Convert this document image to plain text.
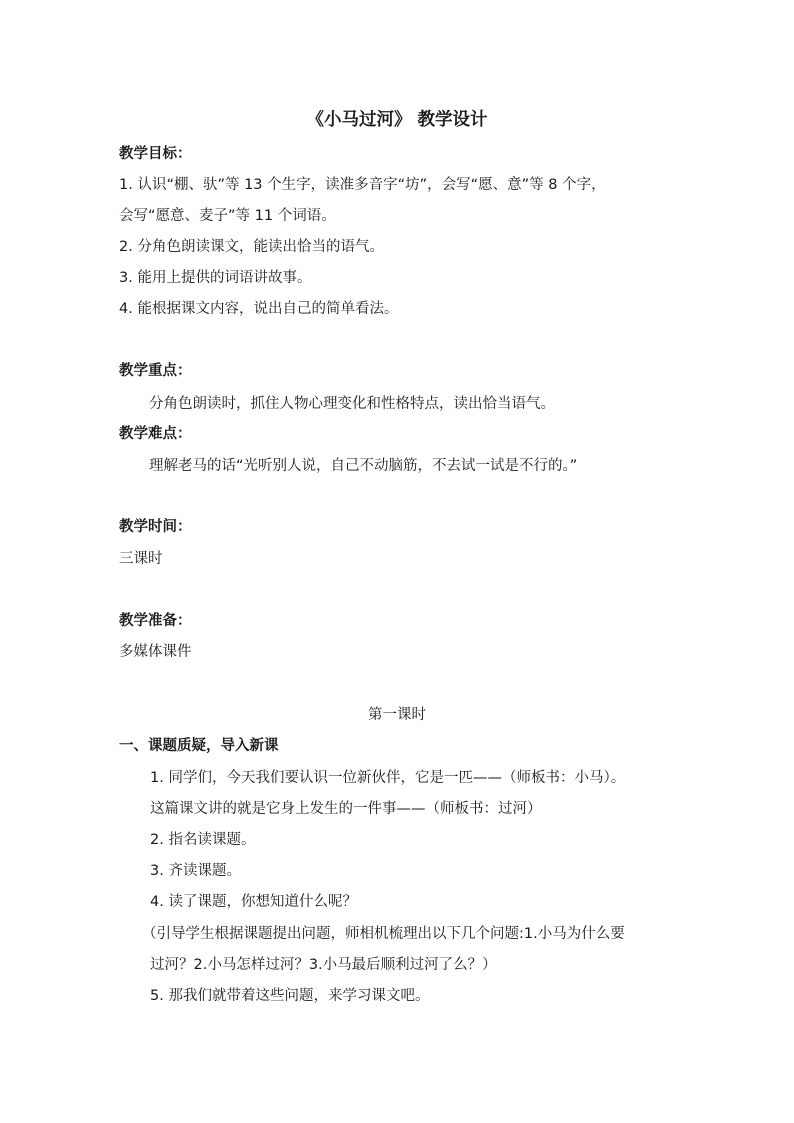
《小马过河》 教学设计
教学目标：
1. 认识“棚、驮”等 13 个生字，读准多音字“坊”，会写“愿、意”等 8 个字，
会写“愿意、麦子”等 11 个词语。
2. 分角色朗读课文，能读出恰当的语气。
3. 能用上提供的词语讲故事。
4. 能根据课文内容，说出自己的简单看法。
教学重点：
分角色朗读时，抓住人物心理变化和性格特点，读出恰当语气。
教学难点：
理解老马的话“光听别人说，自己不动脑筋，不去试一试是不行的。”
教学时间：
三课时
教学准备：
多媒体课件
第一课时
一、课题质疑，导入新课
1. 同学们，今天我们要认识一位新伙伴，它是一匹——（师板书：小马）。
这篇课文讲的就是它身上发生的一件事——（师板书：过河）
2. 指名读课题。
3. 齐读课题。
4. 读了课题，你想知道什么呢？
（引导学生根据课题提出问题，师相机梳理出以下几个问题:1.小马为什么要
过河？2.小马怎样过河？3.小马最后顺利过河了么？）
5. 那我们就带着这些问题，来学习课文吧。
